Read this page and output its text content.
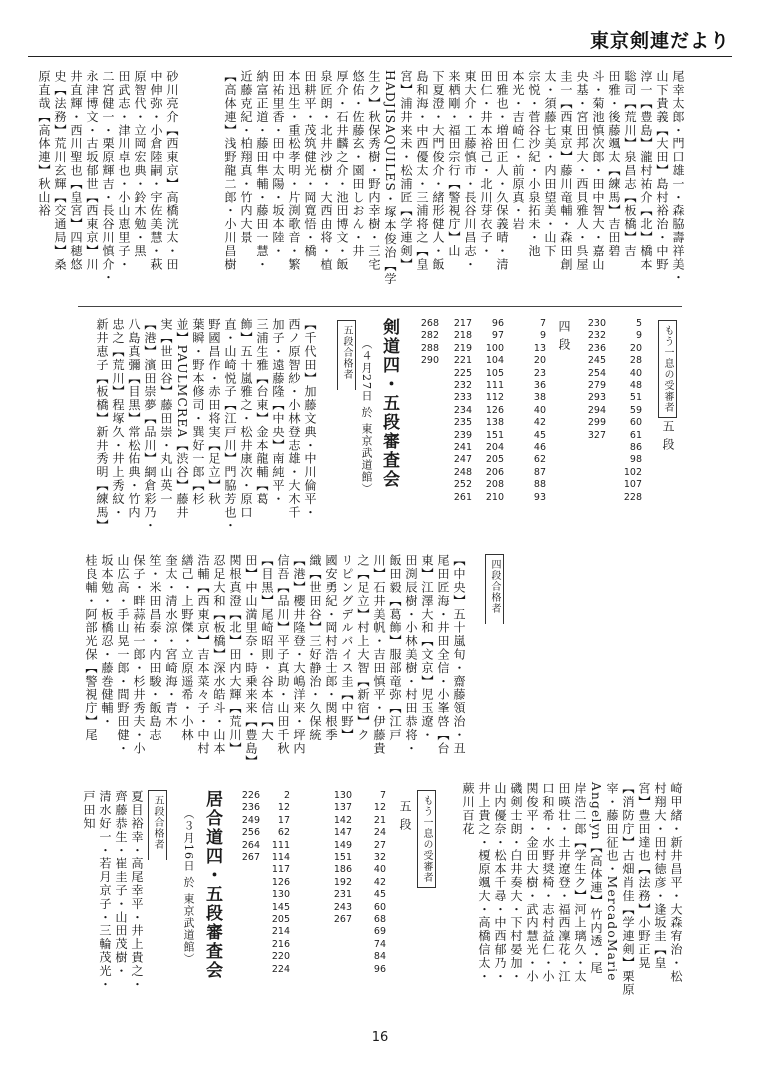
東京剣連だより
尾幸太郎・門口雄一・森脇壽祥美・
山下貴義【大田】島村裕治・中野
淳一【豊島】瀧村祐介【北】橋本
聡司【荒川】泉昌志【板橋】吉
田雅・後藤颯太【練馬】吉田碧
斗・菊池慎次郎・田中智大・嘉山
央基・宮田邦大・西貝雅人・呉屋
圭一【西東京】藤川竜輔・森田創
太・須藤七美・内田望美・山下
宗悦・菅谷沙紀・小泉拓未・池
本光・吉崎仁・前原真・岩
田雅也・増田正人・久保義晴・清
田仁・井本裕己・北川芽衣子・
東大介・工藤慎市・長谷川昌志・
来栖剛・福田宗行【警視庁】山
下夏澄・大門俊介・緒形健人・飯
島和海・中西優太・三浦将之【皇
宮】浦井来未・松浦匠【学連剣】
HADJISAQUILES・塚本俊治【学
生ク】秋保秀樹・野内幸樹・三宅
悠佑・佐藤玄・園田しおん・井
厚介・石井麟之介・池田博文・飯
泉匠朗・北井沙樹・大西由将・植
田耕平・茂筑健光・岡寛悟・橋
本迅生・重松孝明・片渕歌音・繁
田祐里香・田中太陽・坂本陸・
納富正道・藤田隼輔・藤田一慧・
近藤克紀・柏翔真・竹内大景
【高体連】浅野龍二郎・小川昌樹
砂川亮介【西東京】高橋洸太・田
中伸弥・小倉陸嗣・宇佐美慧・萩
原智代・立岡宏典・鈴木勉・黒
田武志・津川卓也・小山恵里子・
二宮健一・栗原輝吉・長谷川慎介・
永津博文・古坂郁世【西東京】川
井直輝・西川聖也【皇宮】四穂悠
史【法務】荒川玄輝【交通局】桑
原直哉【高体連】秋山裕
もう一息の受審者
五段
5
9
20
28
40
48
51
59
60
61
86
98
102
107
228
230
232
236
245
254
279
293
294
299
327
四段
7
9
13
20
23
36
38
40
42
45
46
62
87
88
93
96
97
100
104
105
111
112
126
138
151
204
205
206
208
210
217
218
219
221
225
232
233
234
235
239
241
247
248
252
261
268
282
288
290
剣道四・五段審査会
（４月27日 於 東京武道館）
五段合格者
【千代田】加藤文典・中川倫平・
西ノ原智紗・小林登志雄・大木千
加子・遠藤隆【中央】南純平・
三浦生雅【台東】金本龍輔【葛
飾】五十嵐雅之・松井康次・原口
直・山崎悦子【江戸川】門脇芳也・
野國昌作・赤田将実【足立】秋
葉瞬・野本修司・巽好一郎【杉
並】PAULMCREA【渋谷】藤井
実【世田谷】藤田崇・丸山英一
【港】濱田崇夢【品川】網倉彩乃・
八島真彌【目黒】常松佑典・竹内
忠之【荒川】程塚久・井上秀紋・
新井恵子【板橋】新井秀明【練馬】
四段合格者
【中央】五十嵐旬・齋藤領治・丑
尾田匠海・井田全信・小峯啓【台
東】江澤大和【文京】児玉遼・
田渕辰樹・小林美樹・村田恭将・
飯田毅【葛飾】服部竜弥【江戸
川】石井美帆・吉田慎平・伊藤貴
之【足立】村上大智【新宿】ク
リピングデルバイス圭【中野】
國安勇紀・岡村浩士郎・関根季
織【世田谷】三好静治・久保統
【港】櫻井隆登・大嶋洋来・坪内
信吾【品川】平子真助・山田千秋
【目黒】尾崎昭則・谷本信【大
田】中山満里奈・時乗来来【豊島】
関根真澄【北】田内大輝【荒川】
忍足大和【板橋】深水皓斗・山本
浩輔【西東京】吉本菜々子・中村
繕己・上野傑・立原遥希・小林
奎太・清水涼・宮崎海・青木
笙・米田昌泰・内田駿・飯島志
保子・畔蒜祐一郎・杉井秀夫・小
山広高・手山晃一郎・間野田健・
坂本勉・板橋忍・藤巻健輔・
桂良輔・阿部光保【警視庁】尾
崎甲緒・新井昌平・大森宥治・松
村翔大・田村徳彦・逢坂圭【皇
宮】豊田達也【法務】小野正晃
【消防庁】古畑肖佳【学連剣】栗原
宰・藤田征也・MercadoMarie
Angelyn【高体連】竹内透・尾
岸浩二郎【学生ク】河上璃久・太
田暎壮・土井遼登・福西凜花・江
口和希・水野奨椅・志村益仁・小
関俊平・金田大樹・武内慧光・小
磯剣士朗・白井奏大・下村晏加・
山内優奈・松本千尋・中西郁乃・
井上貴之・榎原颯大・高橋信太・
蕨川百花
もう一息の受審者
五段
7
12
21
24
27
32
40
42
45
60
68
69
74
84
96
130
137
142
147
149
151
186
192
231
243
267
2
12
17
62
111
114
117
126
130
145
205
214
216
220
224
226
236
249
256
264
267
居合道四・五段審査会
（３月16日 於 東京武道館）
五段合格者
夏目裕幸・高尾幸平・井上貴之・
齊藤恭生・崔圭子・山田茂樹・
清水好一・若月京子・三輪茂光・
戸田知
16
